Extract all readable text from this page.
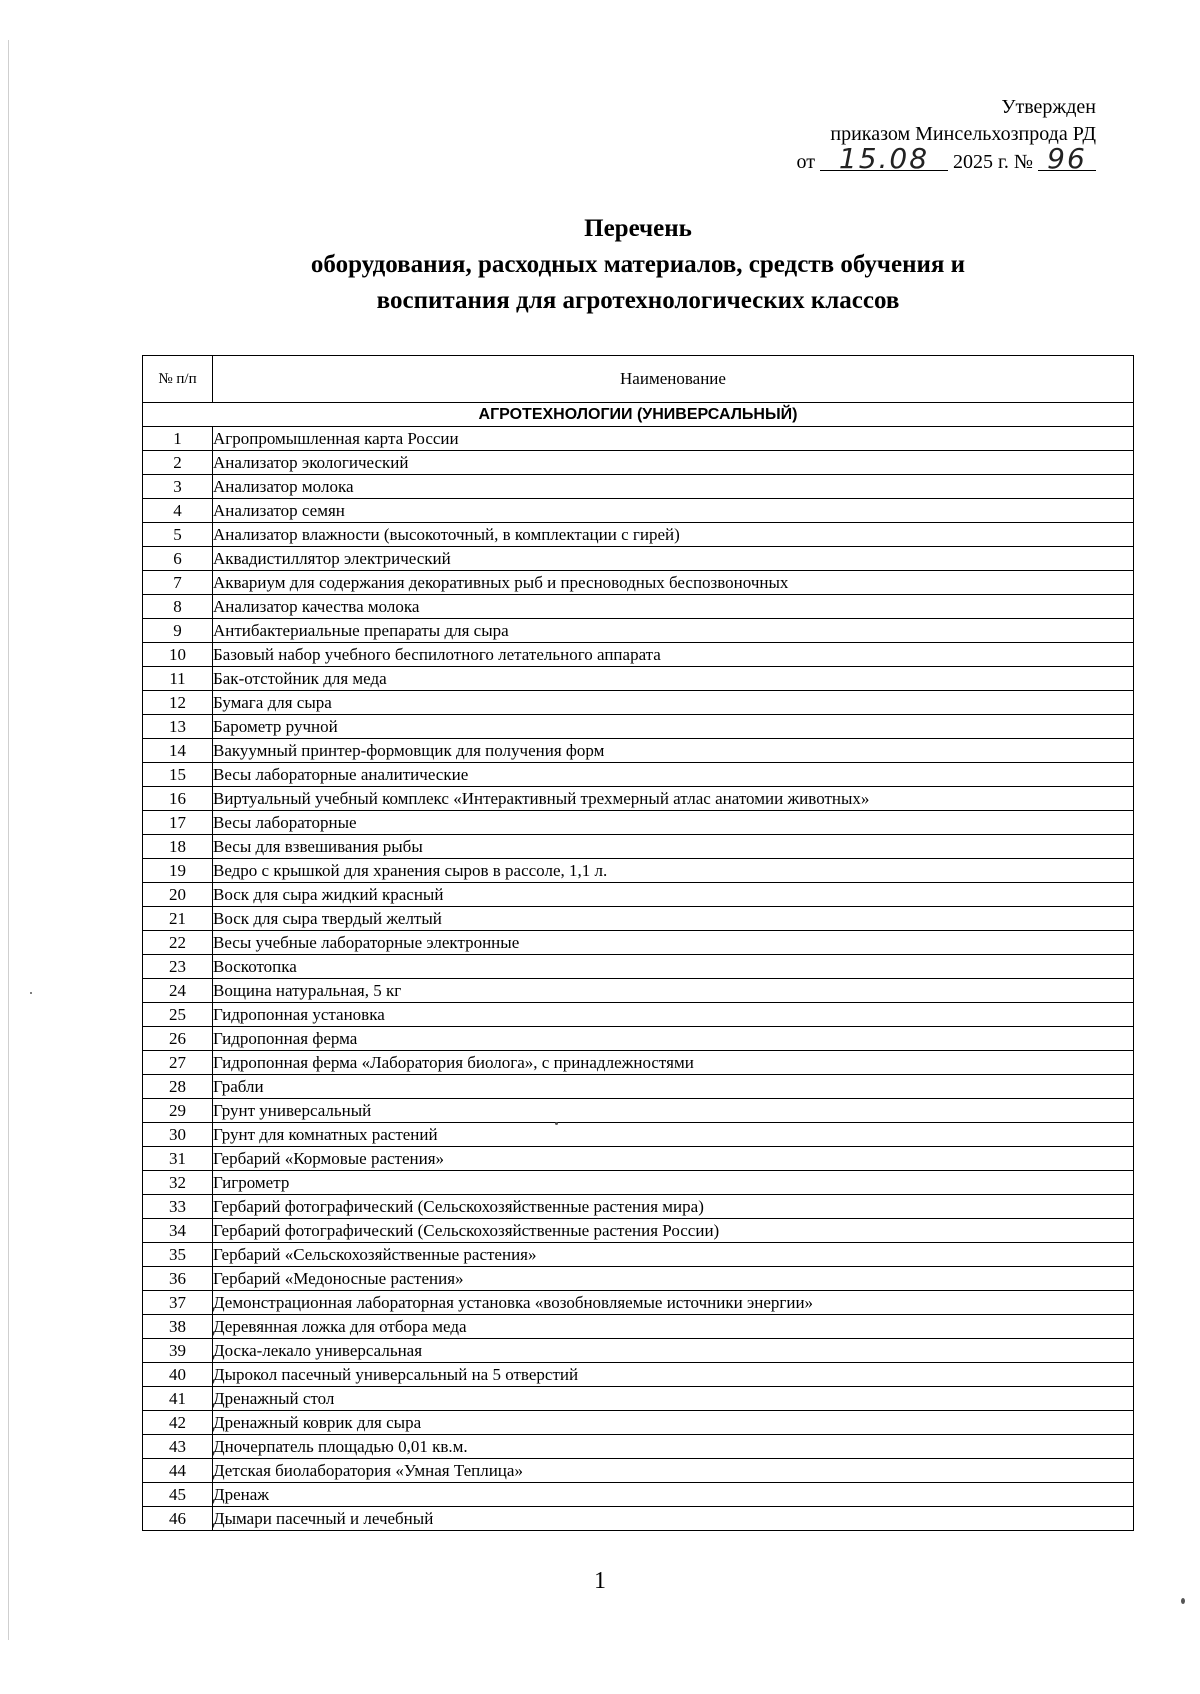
Утвержден
приказом Минсельхозпрода РД
от 15.08 2025 г. № 96
Перечень
оборудования, расходных материалов, средств обучения и
воспитания для агротехнологических классов
№ п/п	Наименование
АГРОТЕХНОЛОГИИ (УНИВЕРСАЛЬНЫЙ)	
1	Агропромышленная карта России
2	Анализатор экологический
3	Анализатор молока
4	Анализатор семян
5	Анализатор влажности (высокоточный, в комплектации с гирей)
6	Аквадистиллятор электрический
7	Аквариум для содержания декоративных рыб и пресноводных беспозвоночных
8	Анализатор качества молока
9	Антибактериальные препараты для сыра
10	Базовый набор учебного беспилотного летательного аппарата
11	Бак-отстойник для меда
12	Бумага для сыра
13	Барометр ручной
14	Вакуумный принтер-формовщик для получения форм
15	Весы лабораторные аналитические
16	Виртуальный учебный комплекс «Интерактивный трехмерный атлас анатомии животных»
17	Весы лабораторные
18	Весы для взвешивания рыбы
19	Ведро с крышкой для хранения сыров в рассоле, 1,1 л.
20	Воск для сыра жидкий красный
21	Воск для сыра твердый желтый
22	Весы учебные лабораторные электронные
23	Воскотопка
24	Вощина натуральная, 5 кг
25	Гидропонная установка
26	Гидропонная ферма
27	Гидропонная ферма «Лаборатория биолога», с принадлежностями
28	Грабли
29	Грунт универсальный
30	Грунт для комнатных растений
31	Гербарий «Кормовые растения»
32	Гигрометр
33	Гербарий фотографический (Сельскохозяйственные растения мира)
34	Гербарий фотографический (Сельскохозяйственные растения России)
35	Гербарий «Сельскохозяйственные растения»
36	Гербарий «Медоносные растения»
37	Демонстрационная лабораторная установка «возобновляемые источники энергии»
38	Деревянная ложка для отбора меда
39	Доска-лекало универсальная
40	Дырокол пасечный универсальный на 5 отверстий
41	Дренажный стол
42	Дренажный коврик для сыра
43	Дночерпатель площадью 0,01 кв.м.
44	Детская биолаборатория «Умная Теплица»
45	Дренаж
46	Дымари пасечный и лечебный
1
